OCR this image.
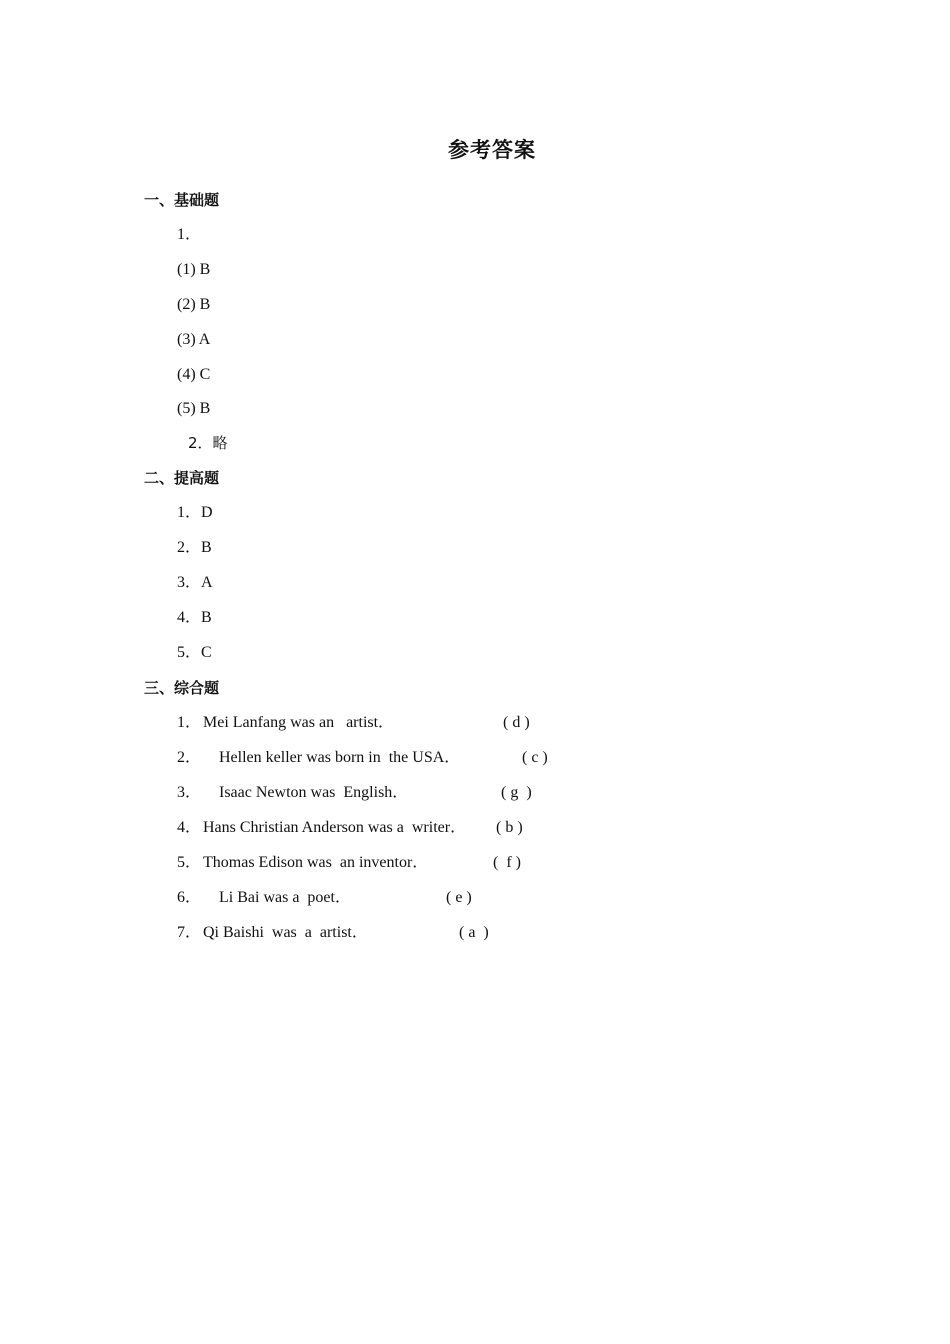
参考答案
一、基础题
1．
(1) B
(2) B
(3) A
(4) C
(5) B
2．略
二、提高题
1．D
2．B
3．A
4．B
5．C
三、综合题
1． Mei Lanfang was an   artist．	( d )
2． Hellen keller was born in  the USA．	( c )
3． Isaac Newton was  English．	( g  )
4． Hans Christian Anderson was a  writer． ( b )
5． Thomas Edison was  an inventor．	(  f )
6． Li Bai was a  poet．	( e )
7． Qi Baishi  was  a  artist．	( a  )
